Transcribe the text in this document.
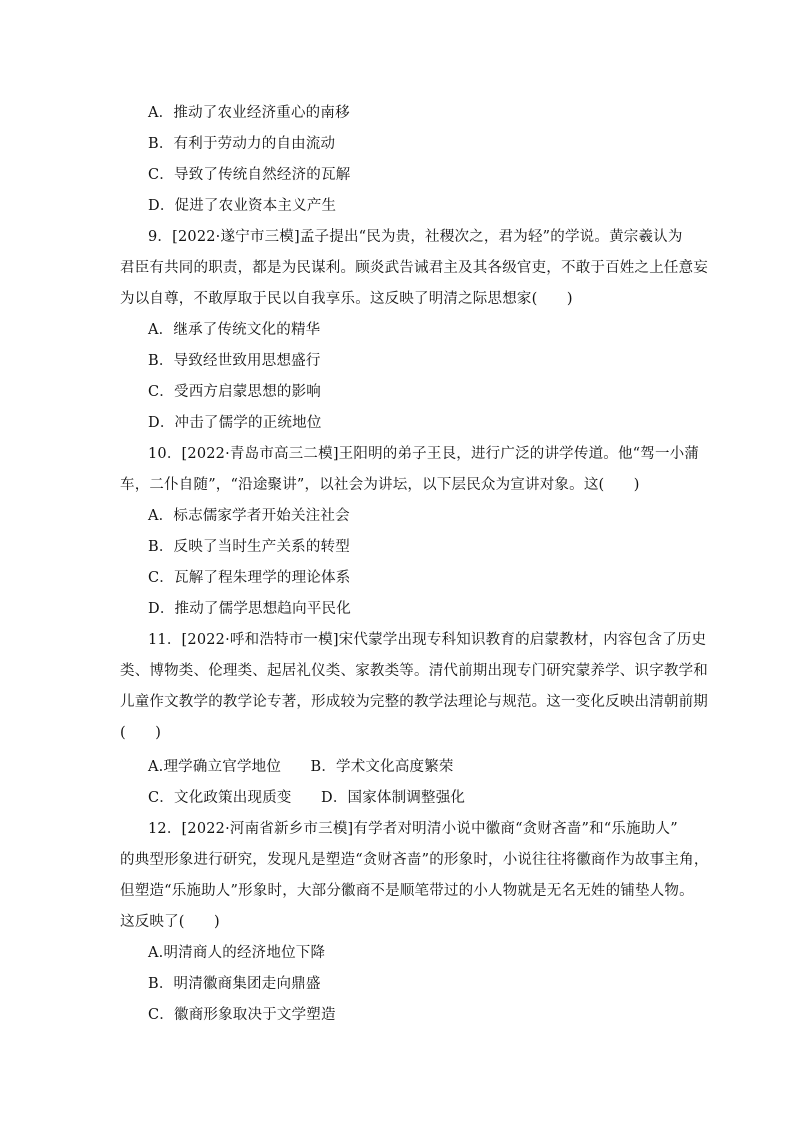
A．推动了农业经济重心的南移
B．有利于劳动力的自由流动
C．导致了传统自然经济的瓦解
D．促进了农业资本主义产生
9．[2022·遂宁市三模]孟子提出“民为贵，社稷次之，君为轻”的学说。黄宗羲认为
君臣有共同的职责，都是为民谋利。顾炎武告诫君主及其各级官吏，不敢于百姓之上任意妄
为以自尊，不敢厚取于民以自我享乐。这反映了明清之际思想家(　　)
A．继承了传统文化的精华
B．导致经世致用思想盛行
C．受西方启蒙思想的影响
D．冲击了儒学的正统地位
10．[2022·青岛市高三二模]王阳明的弟子王艮，进行广泛的讲学传道。他“驾一小蒲
车，二仆自随”，“沿途聚讲”，以社会为讲坛，以下层民众为宣讲对象。这(　　)
A．标志儒家学者开始关注社会
B．反映了当时生产关系的转型
C．瓦解了程朱理学的理论体系
D．推动了儒学思想趋向平民化
11．[2022·呼和浩特市一模]宋代蒙学出现专科知识教育的启蒙教材，内容包含了历史
类、博物类、伦理类、起居礼仪类、家教类等。清代前期出现专门研究蒙养学、识字教学和
儿童作文教学的教学论专著，形成较为完整的教学法理论与规范。这一变化反映出清朝前期
(　　)
A.理学确立官学地位　　B．学术文化高度繁荣
C．文化政策出现质变　　D．国家体制调整强化
12．[2022·河南省新乡市三模]有学者对明清小说中徽商“贪财吝啬”和“乐施助人”
的典型形象进行研究，发现凡是塑造“贪财吝啬”的形象时，小说往往将徽商作为故事主角，
但塑造“乐施助人”形象时，大部分徽商不是顺笔带过的小人物就是无名无姓的铺垫人物。
这反映了(　　)
A.明清商人的经济地位下降
B．明清徽商集团走向鼎盛
C．徽商形象取决于文学塑造
